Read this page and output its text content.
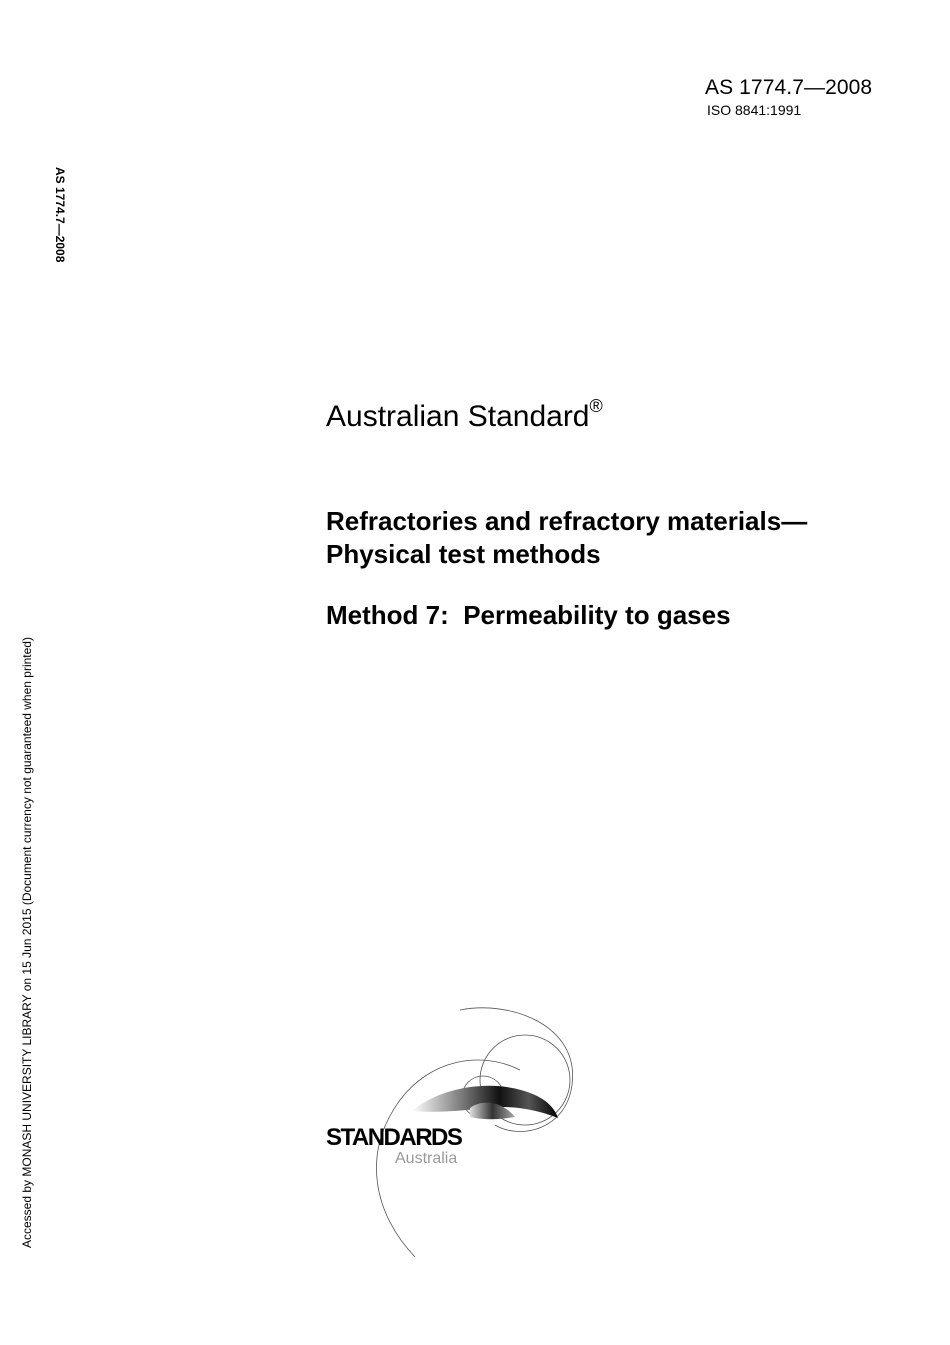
AS 1774.7—2008
ISO 8841:1991
AS 1774.7—2008
Accessed by MONASH UNIVERSITY LIBRARY on 15 Jun 2015 (Document currency not guaranteed when printed)
Australian Standard®
Refractories and refractory materials—
Physical test methods
Method 7: Permeability to gases
STANDARDS
Australia
